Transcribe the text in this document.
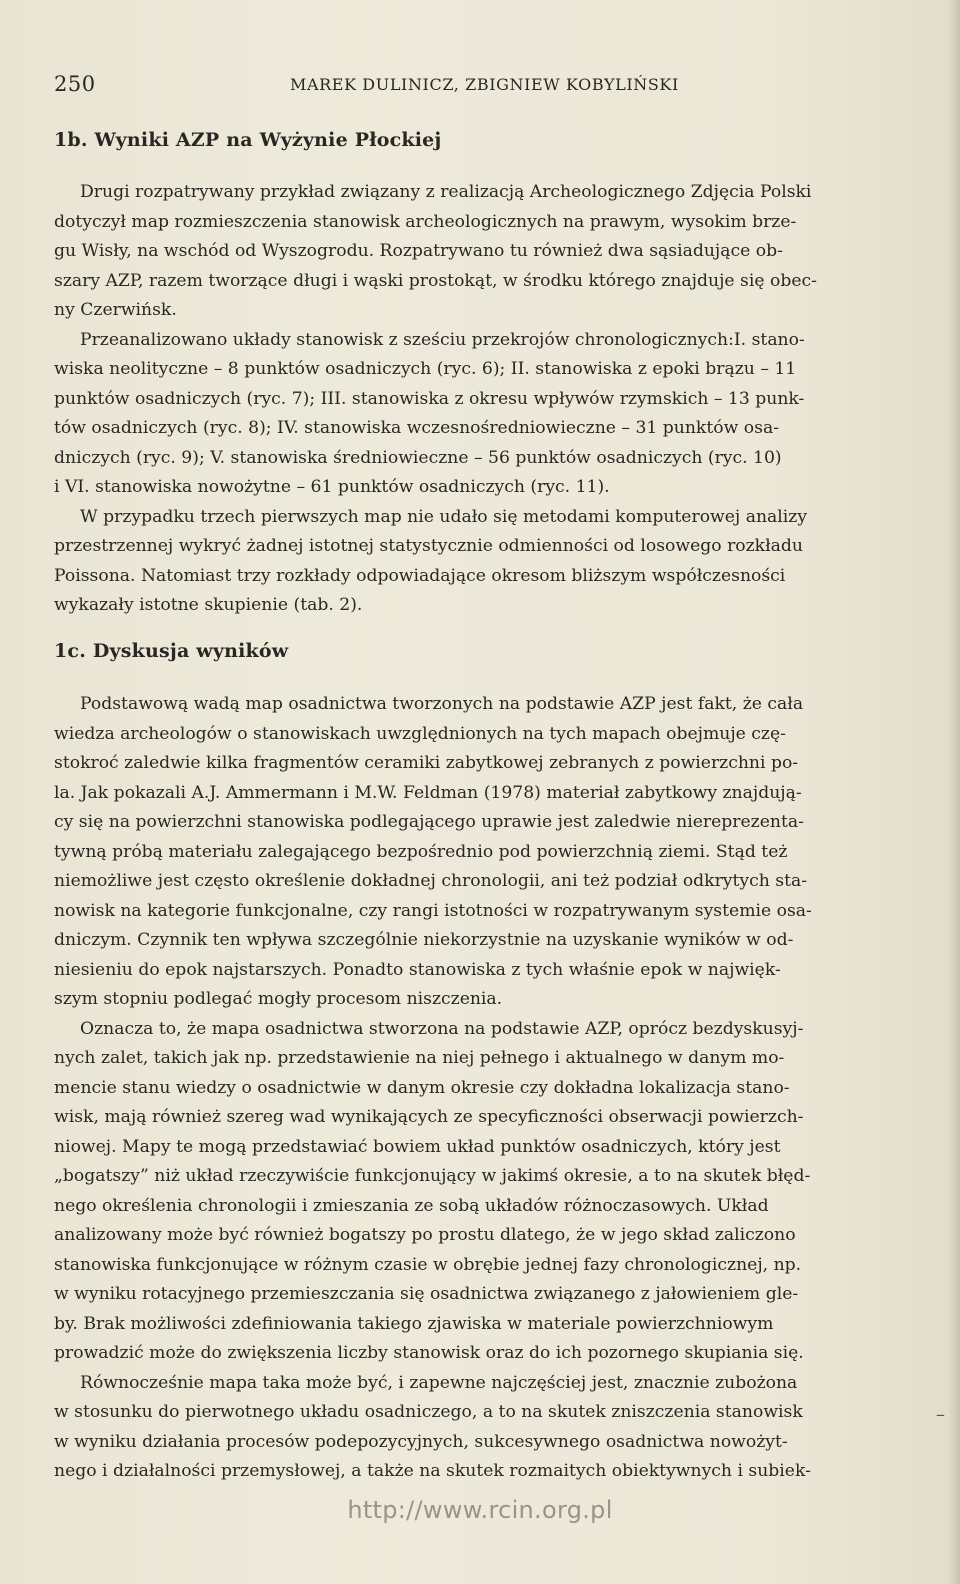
250	MAREK DULINICZ, ZBIGNIEW KOBYLIŃSKI
1b. Wyniki AZP na Wyżynie Płockiej
Drugi rozpatrywany przykład związany z realizacją Archeologicznego Zdjęcia Polski
dotyczył map rozmieszczenia stanowisk archeologicznych na prawym, wysokim brze-
gu Wisły, na wschód od Wyszogrodu. Rozpatrywano tu również dwa sąsiadujące ob-
szary AZP, razem tworzące długi i wąski prostokąt, w środku którego znajduje się obec-
ny Czerwińsk.
Przeanalizowano układy stanowisk z sześciu przekrojów chronologicznych:I. stano-
wiska neolityczne – 8 punktów osadniczych (ryc. 6); II. stanowiska z epoki brązu – 11
punktów osadniczych (ryc. 7); III. stanowiska z okresu wpływów rzymskich – 13 punk-
tów osadniczych (ryc. 8); IV. stanowiska wczesnośredniowieczne – 31 punktów osa-
dniczych (ryc. 9); V. stanowiska średniowieczne – 56 punktów osadniczych (ryc. 10)
i VI. stanowiska nowożytne – 61 punktów osadniczych (ryc. 11).
W przypadku trzech pierwszych map nie udało się metodami komputerowej analizy
przestrzennej wykryć żadnej istotnej statystycznie odmienności od losowego rozkładu
Poissona. Natomiast trzy rozkłady odpowiadające okresom bliższym współczesności
wykazały istotne skupienie (tab. 2).
1c. Dyskusja wyników
Podstawową wadą map osadnictwa tworzonych na podstawie AZP jest fakt, że cała
wiedza archeologów o stanowiskach uwzględnionych na tych mapach obejmuje czę-
stokroć zaledwie kilka fragmentów ceramiki zabytkowej zebranych z powierzchni po-
la. Jak pokazali A.J. Ammermann i M.W. Feldman (1978) materiał zabytkowy znajdują-
cy się na powierzchni stanowiska podlegającego uprawie jest zaledwie niereprezenta-
tywną próbą materiału zalegającego bezpośrednio pod powierzchnią ziemi. Stąd też
niemożliwe jest często określenie dokładnej chronologii, ani też podział odkrytych sta-
nowisk na kategorie funkcjonalne, czy rangi istotności w rozpatrywanym systemie osa-
dniczym. Czynnik ten wpływa szczególnie niekorzystnie na uzyskanie wyników w od-
niesieniu do epok najstarszych. Ponadto stanowiska z tych właśnie epok w najwięk-
szym stopniu podlegać mogły procesom niszczenia.
Oznacza to, że mapa osadnictwa stworzona na podstawie AZP, oprócz bezdyskusyj-
nych zalet, takich jak np. przedstawienie na niej pełnego i aktualnego w danym mo-
mencie stanu wiedzy o osadnictwie w danym okresie czy dokładna lokalizacja stano-
wisk, mają również szereg wad wynikających ze specyficzności obserwacji powierzch-
niowej. Mapy te mogą przedstawiać bowiem układ punktów osadniczych, który jest
„bogatszy” niż układ rzeczywiście funkcjonujący w jakimś okresie, a to na skutek błęd-
nego określenia chronologii i zmieszania ze sobą układów różnoczasowych. Układ
analizowany może być również bogatszy po prostu dlatego, że w jego skład zaliczono
stanowiska funkcjonujące w różnym czasie w obrębie jednej fazy chronologicznej, np.
w wyniku rotacyjnego przemieszczania się osadnictwa związanego z jałowieniem gle-
by. Brak możliwości zdefiniowania takiego zjawiska w materiale powierzchniowym
prowadzić może do zwiększenia liczby stanowisk oraz do ich pozornego skupiania się.
Równocześnie mapa taka może być, i zapewne najczęściej jest, znacznie zubożona
w stosunku do pierwotnego układu osadniczego, a to na skutek zniszczenia stanowisk
w wyniku działania procesów podepozycyjnych, sukcesywnego osadnictwa nowożyt-
nego i działalności przemysłowej, a także na skutek rozmaitych obiektywnych i subiek-
–
http://www.rcin.org.pl
